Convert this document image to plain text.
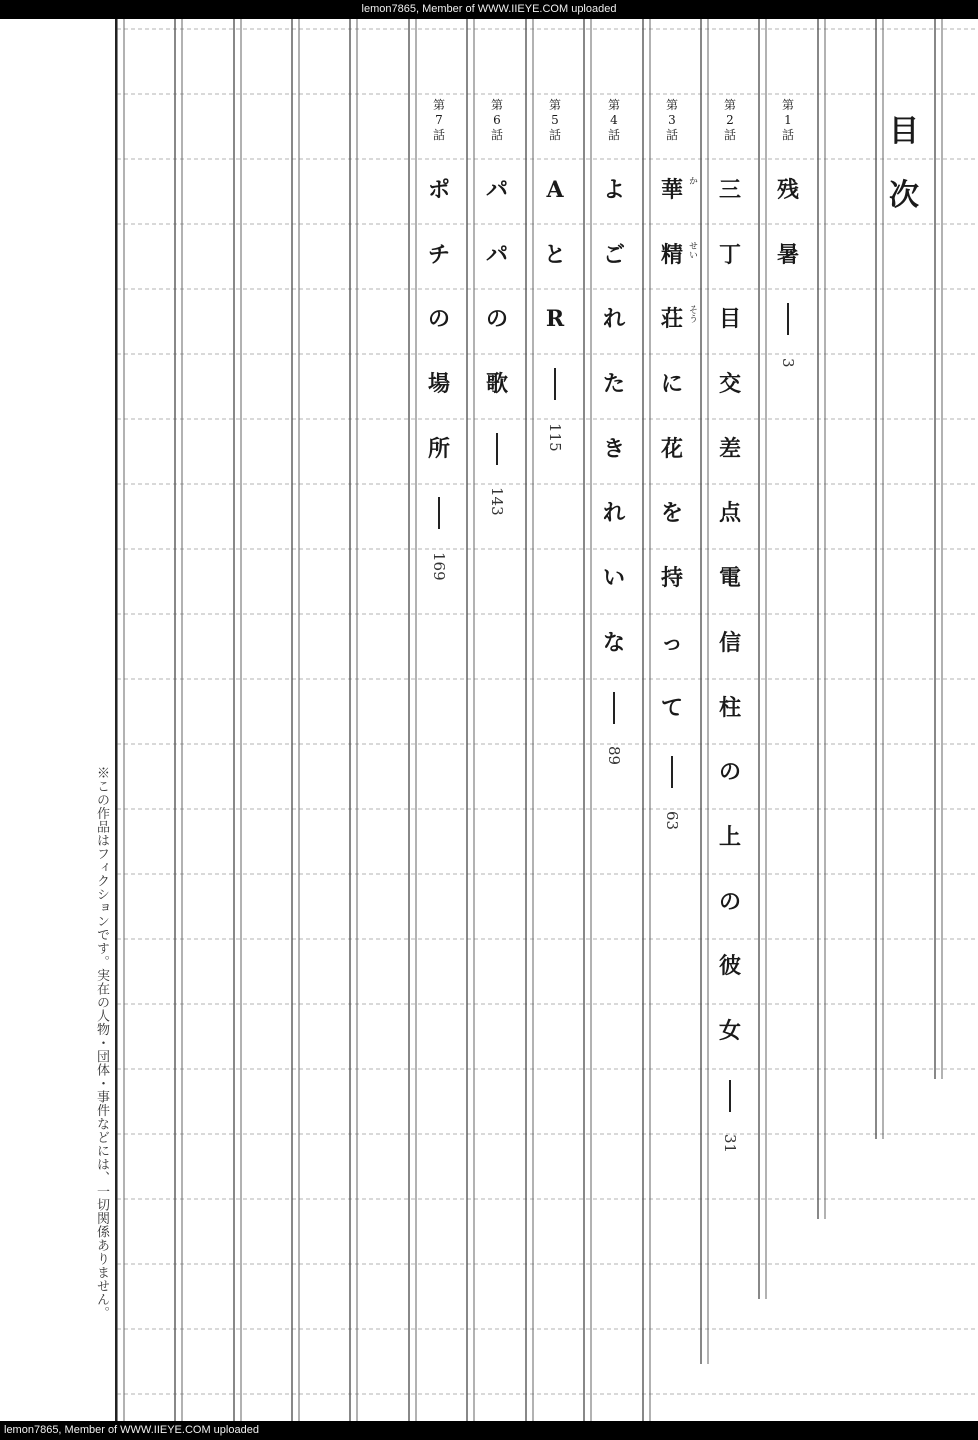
lemon7865, Member of WWW.IIEYE.COM uploaded
※この作品はフィクションです。実在の人物・団体・事件などには、一切関係ありません。
目
次
第
1
話
残
暑
3
第
2
話
三
丁
目
交
差
点
電
信
柱
の
上
の
彼
女
31
第
3
話
華 か
精 せい
荘 そう
に
花
を
持
っ
て
63
第
4
話
よ
ご
れ
た
き
れ
い
な
89
第
5
話
A
と
R
115
第
6
話
パ
パ
の
歌
143
第
7
話
ポ
チ
の
場
所
169
lemon7865, Member of WWW.IIEYE.COM uploaded
